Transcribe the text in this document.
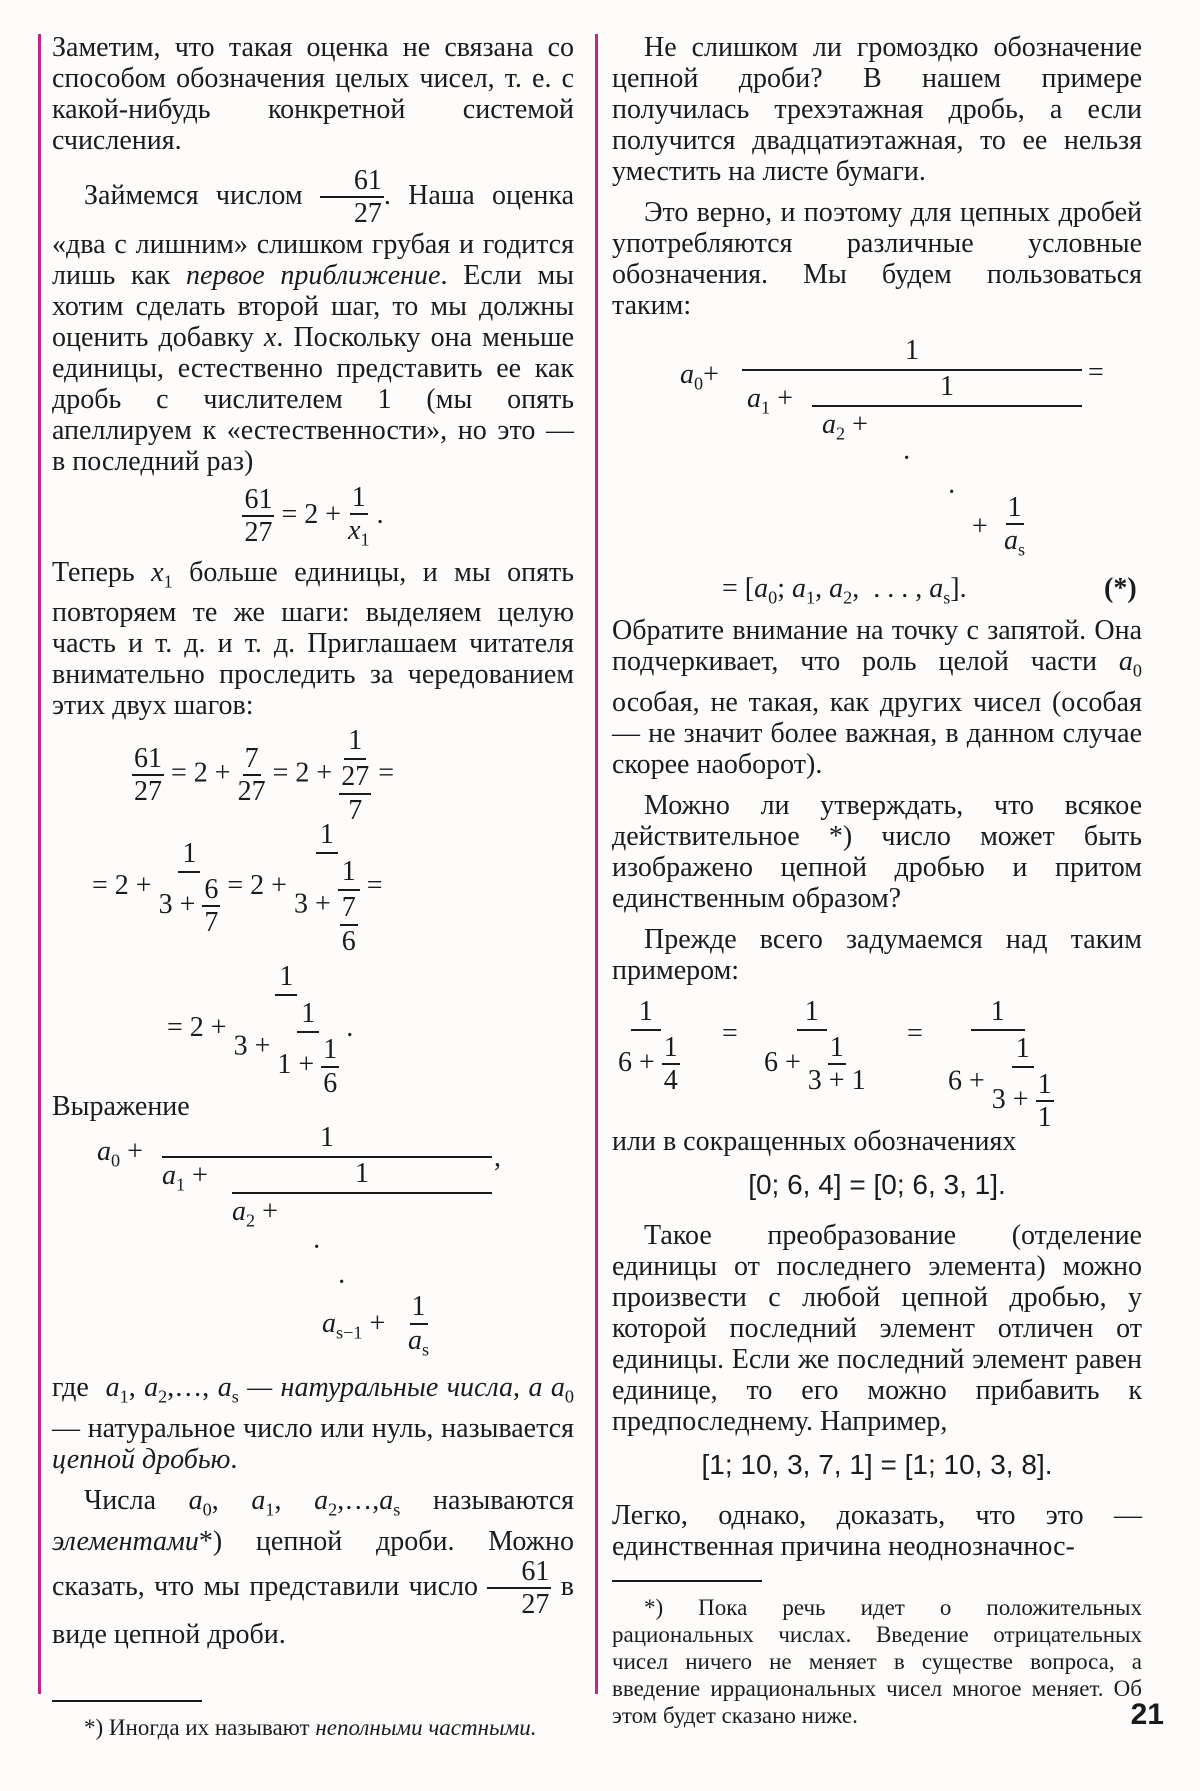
Заметим, что такая оценка не связана со способом обозначения целых чисел, т. е. с какой-нибудь конкретной системой счисления.

Займемся числом $\frac{61}{27}$ . Наша оценка «два с лишним» слишком грубая и годится лишь как первое приближение. Если мы хотим сделать второй шаг, то мы должны оценить добавку x. Поскольку она меньше единицы, естественно представить ее как дробь с числителем 1 (мы опять апеллируем к «естественности», но это — в последний раз)

$\frac{61}{27} = 2 + \frac{1}{x_1}$ .

Теперь $x_1$ больше единицы, и мы опять повторяем те же шаги: выделяем целую часть и т. д. и т. д. Приглашаем читателя внимательно проследить за чередованием этих двух шагов:

$\frac{61}{27} = 2 + \frac{7}{27} = 2 + \frac{1}{\frac{27}{7}}$ =
= $2 + \frac{1}{3 + \frac{6}{7}} = 2 + \frac{1}{3 + \frac{1}{\frac{7}{6}}}$ =
= $2 + \frac{1}{3 + \frac{1}{1 + \frac{1}{6}}}$ .

Выражение

$a_0$ +	1
,
$a_1$ +	1
$a_2$ +
·
·
$a_{s-1} + \frac{1}{a_s}$

где $a_1$, $a_2,\dots$, $a_s$ — натуральные числа, а $a_0$ — натуральное число или нуль, называется цепной дробью.

Числа $a_0$, $a_1$, $a_2,\dots,a_s$ называются элементами*) цепной дроби. Можно сказать, что мы представили число $\frac{61}{27}$ в виде цепной дроби.

*) Иногда их называют неполными частными.

Не слишком ли громоздко обозначение цепной дроби? В нашем примере получилась трехэтажная дробь, а если получится двадцатиэтажная, то ее нельзя уместить на листе бумаги.

Это верно, и поэтому для цепных дробей употребляются различные условные обозначения. Мы будем пользоваться таким:

$a_0+$
1
=
$a_1$ +	1
$a_2$ +
·
·
+ $\frac{1}{a_s}$
= [$a_0$; $a_1$, $a_2$,  . . . , $a_s$].	(*)

Обратите внимание на точку с запятой. Она подчеркивает, что роль целой части $a_0$ особая, не такая, как других чисел (особая — не значит более важная, в данном случае скорее наоборот).

Можно ли утверждать, что всякое действительное *) число может быть изображено цепной дробью и притом единственным образом?

Прежде всего задумаемся над таким примером:

$\frac{1}{6 + \frac{1}{4}} = \frac{1}{6 + \frac{1}{3 + 1}} = \frac{1}{6 + \frac{1}{3 + \frac{1}{1}}}$

или в сокращенных обозначениях

[0; 6, 4] = [0; 6, 3, 1].

Такое преобразование (отделение единицы от последнего элемента) можно произвести с любой цепной дробью, у которой последний элемент отличен от единицы. Если же последний элемент равен единице, то его можно прибавить к предпоследнему. Например,

[1; 10, 3, 7, 1] = [1; 10, 3, 8].

Легко, однако, доказать, что это — единственная причина неоднозначнос-

*) Пока речь идет о положительных рациональных числах. Введение отрицательных чисел ничего не меняет в существе вопроса, а введение иррациональных чисел многое меняет. Об этом будет сказано ниже.	21
